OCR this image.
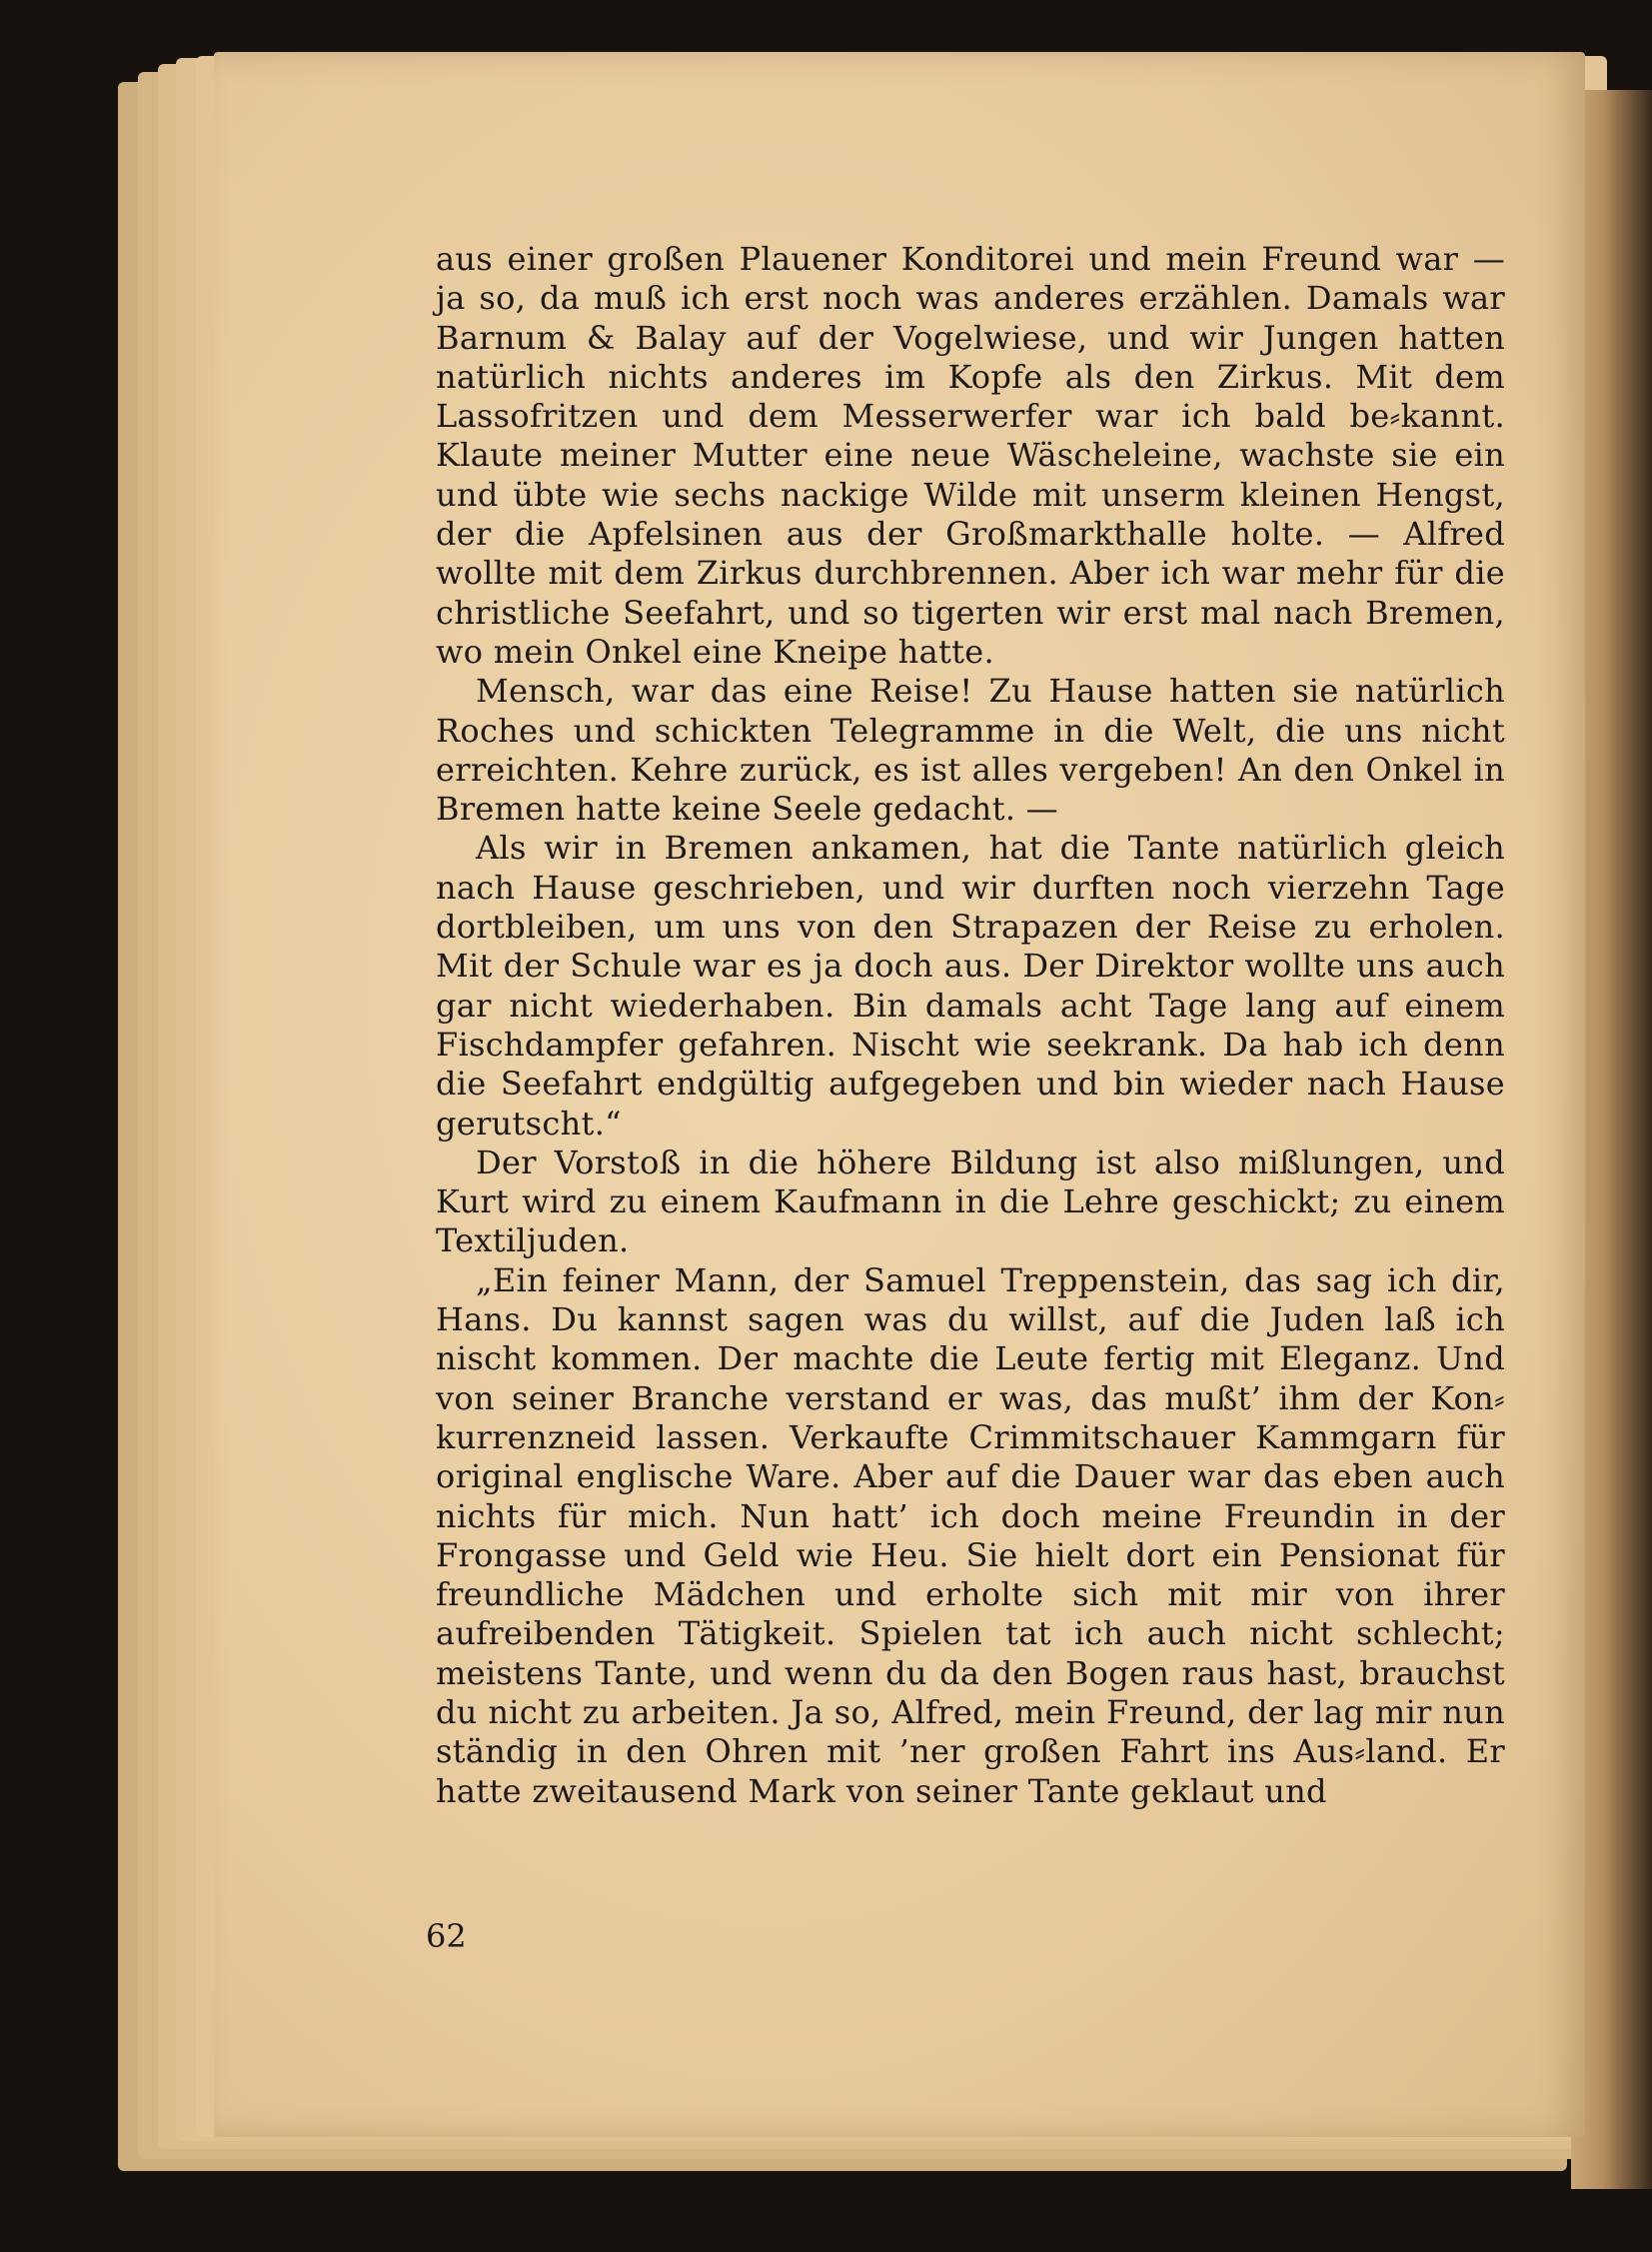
aus einer großen Plauener Konditorei und mein Freund war — ja so, da muß ich erst noch was anderes erzählen. Damals war Barnum & Balay auf der Vogelwiese, und wir Jungen hatten natürlich nichts anderes im Kopfe als den Zirkus. Mit dem Lassofritzen und dem Messerwerfer war ich bald be⸗kannt. Klaute meiner Mutter eine neue Wäscheleine, wachste sie ein und übte wie sechs nackige Wilde mit unserm kleinen Hengst, der die Apfelsinen aus der Großmarkthalle holte. — Alfred wollte mit dem Zirkus durchbrennen. Aber ich war mehr für die christliche Seefahrt, und so tigerten wir erst mal nach Bremen, wo mein Onkel eine Kneipe hatte.

Mensch, war das eine Reise! Zu Hause hatten sie natürlich Roches und schickten Telegramme in die Welt, die uns nicht erreichten. Kehre zurück, es ist alles vergeben! An den Onkel in Bremen hatte keine Seele gedacht. —

Als wir in Bremen ankamen, hat die Tante natürlich gleich nach Hause geschrieben, und wir durften noch vierzehn Tage dortbleiben, um uns von den Strapazen der Reise zu erholen. Mit der Schule war es ja doch aus. Der Direktor wollte uns auch gar nicht wiederhaben. Bin damals acht Tage lang auf einem Fischdampfer gefahren. Nischt wie seekrank. Da hab ich denn die Seefahrt endgültig aufgegeben und bin wieder nach Hause gerutscht.“

Der Vorstoß in die höhere Bildung ist also mißlungen, und Kurt wird zu einem Kaufmann in die Lehre geschickt; zu einem Textiljuden.

„Ein feiner Mann, der Samuel Treppenstein, das sag ich dir, Hans. Du kannst sagen was du willst, auf die Juden laß ich nischt kommen. Der machte die Leute fertig mit Eleganz. Und von seiner Branche verstand er was, das mußt’ ihm der Kon⸗kurrenzneid lassen. Verkaufte Crimmitschauer Kammgarn für original englische Ware. Aber auf die Dauer war das eben auch nichts für mich. Nun hatt’ ich doch meine Freundin in der Frongasse und Geld wie Heu. Sie hielt dort ein Pensionat für freundliche Mädchen und erholte sich mit mir von ihrer aufreibenden Tätigkeit. Spielen tat ich auch nicht schlecht; meistens Tante, und wenn du da den Bogen raus hast, brauchst du nicht zu arbeiten. Ja so, Alfred, mein Freund, der lag mir nun ständig in den Ohren mit ’ner großen Fahrt ins Aus⸗land. Er hatte zweitausend Mark von seiner Tante geklaut und

62
